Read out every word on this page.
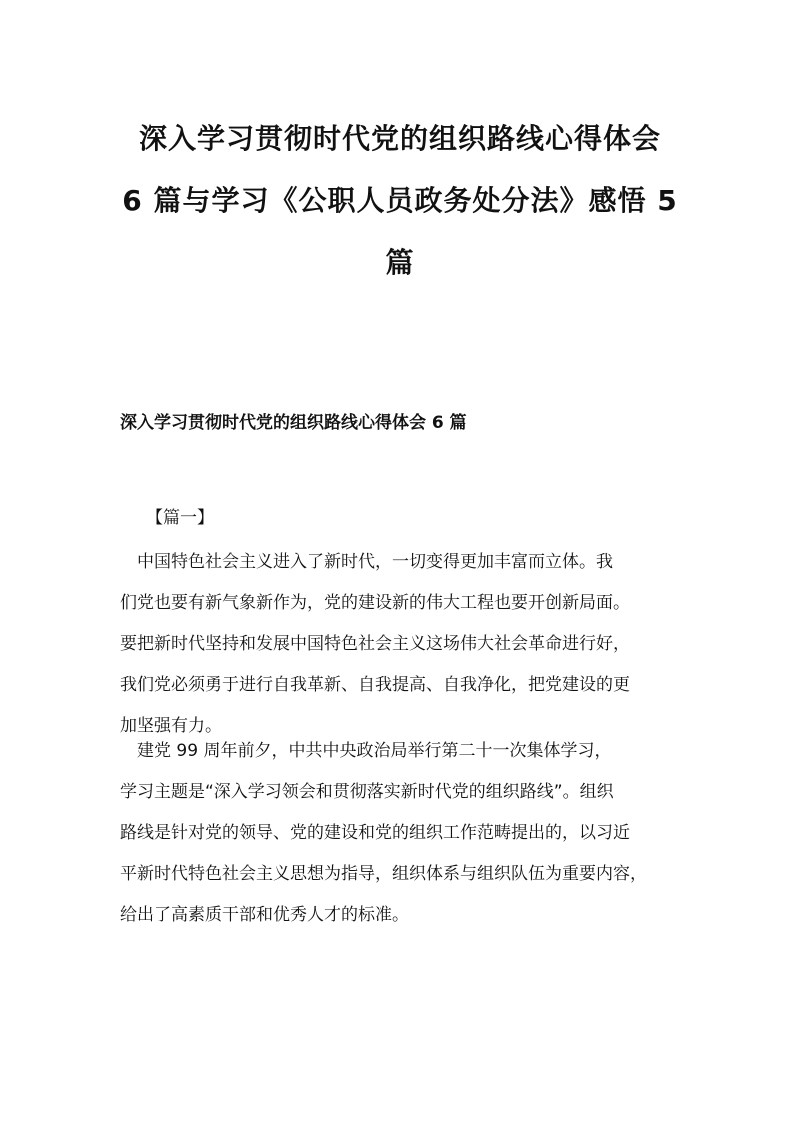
深入学习贯彻时代党的组织路线心得体会
6 篇与学习《公职人员政务处分法》感悟 5
篇
深入学习贯彻时代党的组织路线心得体会 6 篇

【篇一】

　中国特色社会主义进入了新时代，一切变得更加丰富而立体。我
们党也要有新气象新作为，党的建设新的伟大工程也要开创新局面。
要把新时代坚持和发展中国特色社会主义这场伟大社会革命进行好，
我们党必须勇于进行自我革新、自我提高、自我净化，把党建设的更
加坚强有力。

　建党 99 周年前夕，中共中央政治局举行第二十一次集体学习，
学习主题是“深入学习领会和贯彻落实新时代党的组织路线”。组织
路线是针对党的领导、党的建设和党的组织工作范畴提出的，以习近
平新时代特色社会主义思想为指导，组织体系与组织队伍为重要内容，
给出了高素质干部和优秀人才的标准。
